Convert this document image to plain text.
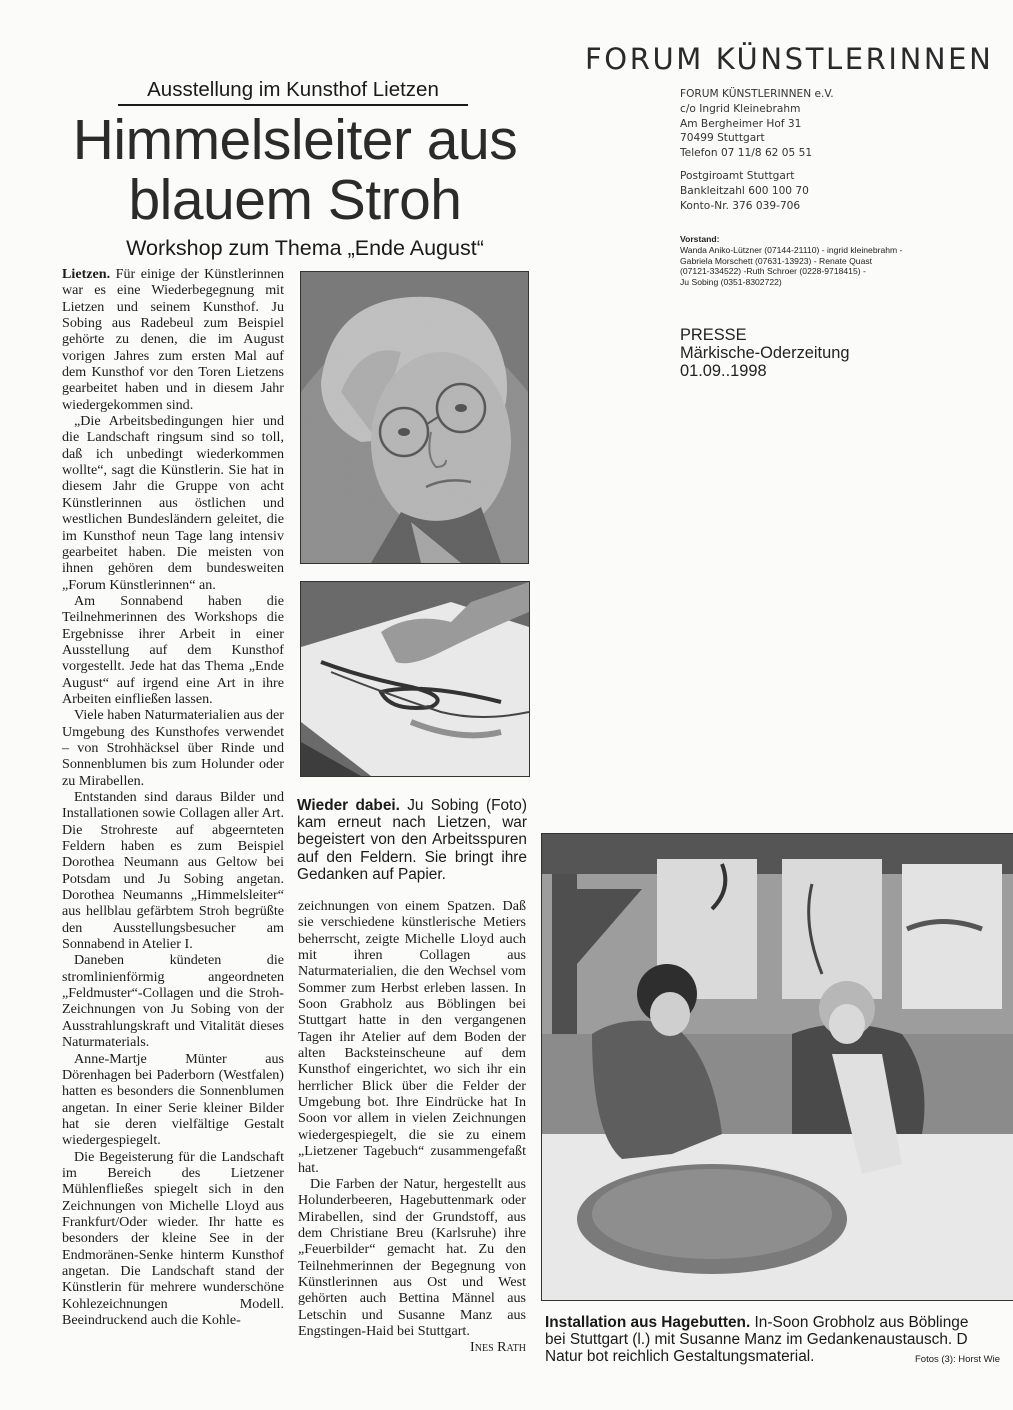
FORUM KÜNSTLERINNEN
FORUM KÜNSTLERINNEN e.V.
c/o Ingrid Kleinebrahm
Am Bergheimer Hof 31
70499 Stuttgart
Telefon 07 11/8 62 05 51
Postgiroamt Stuttgart
Bankleitzahl 600 100 70
Konto-Nr. 376 039-706
Vorstand:
Wanda Aniko-Lützner (07144-21110) - ingrid kleinebrahm -
Gabriela Morschett (07631-13923) - Renate Quast
(07121-334522) -Ruth Schroer (0228-9718415) -
Ju Sobing (0351-8302722)
PRESSE
Märkische-Oderzeitung
01.09..1998
Ausstellung im Kunsthof Lietzen
Himmelsleiter aus
blauem Stroh
Workshop zum Thema „Ende August“

Lietzen. Für einige der Künstlerinnen war es eine Wiederbegegnung mit Lietzen und seinem Kunsthof. Ju Sobing aus Radebeul zum Beispiel gehörte zu denen, die im August vorigen Jahres zum ersten Mal auf dem Kunsthof vor den Toren Lietzens gearbeitet haben und in diesem Jahr wiedergekommen sind.

„Die Arbeitsbedingungen hier und die Landschaft ringsum sind so toll, daß ich unbedingt wiederkommen wollte“, sagt die Künstlerin. Sie hat in diesem Jahr die Gruppe von acht Künstlerinnen aus östlichen und westlichen Bundesländern geleitet, die im Kunsthof neun Tage lang intensiv gearbeitet haben. Die meisten von ihnen gehören dem bundesweiten „Forum Künstlerinnen“ an.

Am Sonnabend haben die Teilnehmerinnen des Workshops die Ergebnisse ihrer Arbeit in einer Ausstellung auf dem Kunsthof vorgestellt. Jede hat das Thema „Ende August“ auf irgend eine Art in ihre Arbeiten einfließen lassen.

Viele haben Naturmaterialien aus der Umgebung des Kunsthofes verwendet – von Strohhäcksel über Rinde und Sonnenblumen bis zum Holunder oder zu Mirabellen.

Entstanden sind daraus Bilder und Installationen sowie Collagen aller Art. Die Strohreste auf abgeernteten Feldern haben es zum Beispiel Dorothea Neumann aus Geltow bei Potsdam und Ju Sobing angetan. Dorothea Neumanns „Himmelsleiter“ aus hellblau gefärbtem Stroh begrüßte den Ausstellungsbesucher am Sonnabend in Atelier I.

Daneben kündeten die stromlinienförmig angeordneten „Feldmuster“-Collagen und die Stroh-Zeichnungen von Ju Sobing von der Ausstrahlungskraft und Vitalität dieses Naturmaterials.

Anne-Martje Münter aus Dörenhagen bei Paderborn (Westfalen) hatten es besonders die Sonnenblumen angetan. In einer Serie kleiner Bilder hat sie deren vielfältige Gestalt wiedergespiegelt.

Die Begeisterung für die Landschaft im Bereich des Lietzener Mühlenfließes spiegelt sich in den Zeichnungen von Michelle Lloyd aus Frankfurt/Oder wieder. Ihr hatte es besonders der kleine See in der Endmoränen-Senke hinterm Kunsthof angetan. Die Landschaft stand der Künstlerin für mehrere wunderschöne Kohlezeichnungen Modell. Beeindruckend auch die Kohle-

Wieder dabei. Ju Sobing (Foto) kam erneut nach Lietzen, war begeistert von den Arbeitsspuren auf den Feldern. Sie bringt ihre Gedanken auf Papier.

zeichnungen von einem Spatzen. Daß sie verschiedene künstlerische Metiers beherrscht, zeigte Michelle Lloyd auch mit ihren Collagen aus Naturmaterialien, die den Wechsel vom Sommer zum Herbst erleben lassen. In Soon Grabholz aus Böblingen bei Stuttgart hatte in den vergangenen Tagen ihr Atelier auf dem Boden der alten Backsteinscheune auf dem Kunsthof eingerichtet, wo sich ihr ein herrlicher Blick über die Felder der Umgebung bot. Ihre Eindrücke hat In Soon vor allem in vielen Zeichnungen wiedergespiegelt, die sie zu einem „Lietzener Tagebuch“ zusammengefaßt hat.

Die Farben der Natur, hergestellt aus Holunderbeeren, Hagebuttenmark oder Mirabellen, sind der Grundstoff, aus dem Christiane Breu (Karlsruhe) ihre „Feuerbilder“ gemacht hat. Zu den Teilnehmerinnen der Begegnung von Künstlerinnen aus Ost und West gehörten auch Bettina Männel aus Letschin und Susanne Manz aus Engstingen-Haid bei Stuttgart.
Ines Rath

Installation aus Hagebutten. In-Soon Grobholz aus Böblinge
bei Stuttgart (l.) mit Susanne Manz im Gedankenaustausch. D
Natur bot reichlich Gestaltungsmaterial.	Fotos (3): Horst Wie
